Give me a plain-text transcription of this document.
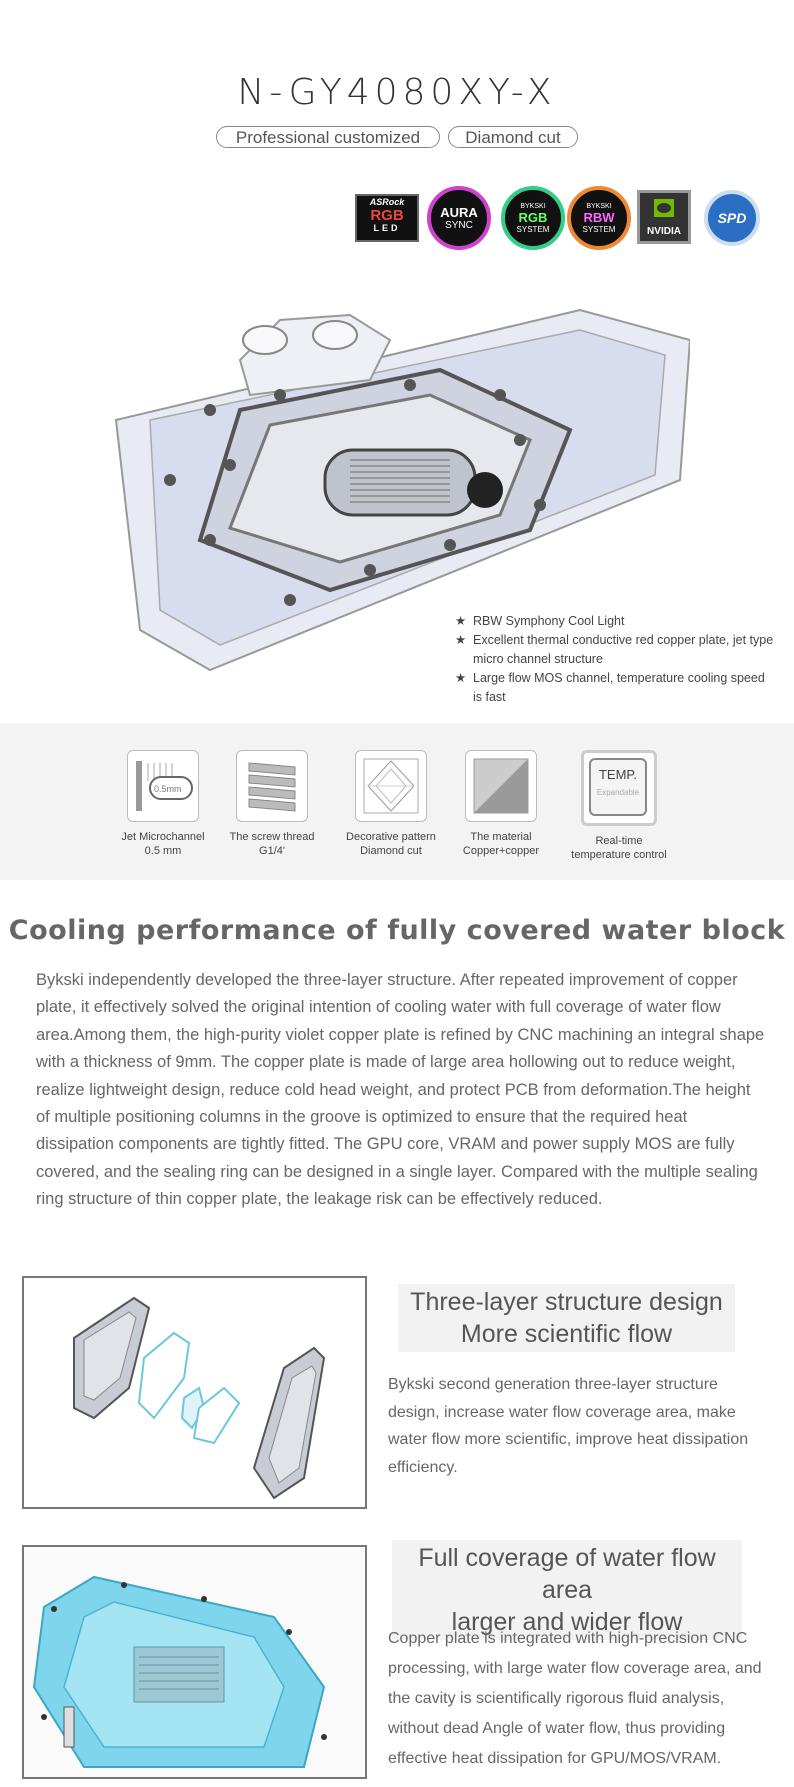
N-GY4080XY-X
Professional customized	Diamond cut
ASRock
RGB
LED
AURA
SYNC
BYKSKI
RGB
SYSTEM
BYKSKI
RBW
SYSTEM	NVIDIA
SPD
★ RBW Symphony Cool Light
★ Excellent thermal conductive red copper plate, jet type micro channel structure
★ Large flow MOS channel, temperature cooling speed is fast
0.5mm
Jet Microchannel
0.5 mm
The screw thread
G1/4'
Decorative pattern
Diamond cut
The material
Copper+copper
TEMP.
Expandable
Real-time
temperature control
Cooling performance of fully covered water block
Bykski independently developed the three-layer structure. After repeated improvement of copper plate, it effectively solved the original intention of cooling water with full coverage of water flow area.Among them, the high-purity violet copper plate is refined by CNC machining an integral shape with a thickness of 9mm. The copper plate is made of large area hollowing out to reduce weight, realize lightweight design, reduce cold head weight, and protect PCB from deformation.The height of multiple positioning columns in the groove is optimized to ensure that the required heat dissipation components are tightly fitted. The GPU core, VRAM and power supply MOS are fully covered, and the sealing ring can be designed in a single layer. Compared with the multiple sealing ring structure of thin copper plate, the leakage risk can be effectively reduced.
Three-layer structure design
More scientific flow
Bykski second generation three-layer structure design, increase water flow coverage area, make water flow more scientific, improve heat dissipation efficiency.
Full coverage of water flow area
larger and wider flow
Copper plate is integrated with high-precision CNC processing, with large water flow coverage area, and the cavity is scientifically rigorous fluid analysis, without dead Angle of water flow, thus providing effective heat dissipation for GPU/MOS/VRAM.
